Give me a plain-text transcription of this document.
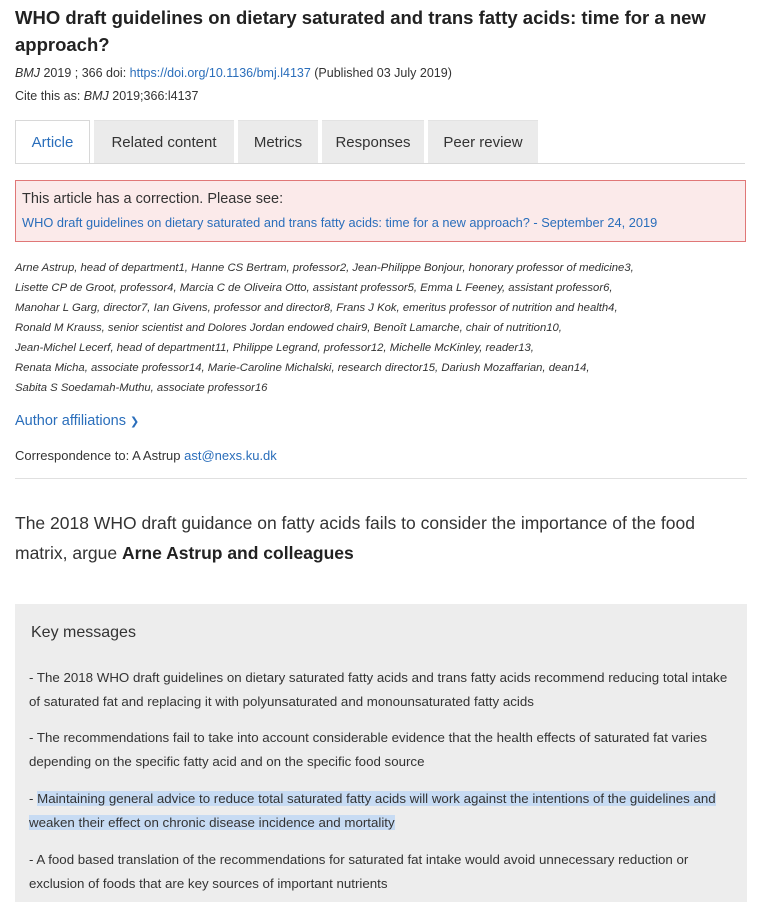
WHO draft guidelines on dietary saturated and trans fatty acids: time for a new approach?
BMJ 2019 ; 366 doi: https://doi.org/10.1136/bmj.l4137 (Published 03 July 2019)
Cite this as: BMJ 2019;366:l4137
Article	Related content	Metrics	Responses	Peer review
This article has a correction. Please see:
WHO draft guidelines on dietary saturated and trans fatty acids: time for a new approach? - September 24, 2019
Arne Astrup, head of department1, Hanne CS Bertram, professor2, Jean-Philippe Bonjour, honorary professor of medicine3,
Lisette CP de Groot, professor4, Marcia C de Oliveira Otto, assistant professor5, Emma L Feeney, assistant professor6,
Manohar L Garg, director7, Ian Givens, professor and director8, Frans J Kok, emeritus professor of nutrition and health4,
Ronald M Krauss, senior scientist and Dolores Jordan endowed chair9, Benoît Lamarche, chair of nutrition10,
Jean-Michel Lecerf, head of department11, Philippe Legrand, professor12, Michelle McKinley, reader13,
Renata Micha, associate professor14, Marie-Caroline Michalski, research director15, Dariush Mozaffarian, dean14,
Sabita S Soedamah-Muthu, associate professor16
Author affiliations ❯
Correspondence to: A Astrup ast@nexs.ku.dk
The 2018 WHO draft guidance on fatty acids fails to consider the importance of the food matrix, argue Arne Astrup and colleagues
Key messages
- The 2018 WHO draft guidelines on dietary saturated fatty acids and trans fatty acids recommend reducing total intake of saturated fat and replacing it with polyunsaturated and monounsaturated fatty acids
- The recommendations fail to take into account considerable evidence that the health effects of saturated fat varies depending on the specific fatty acid and on the specific food source
- Maintaining general advice to reduce total saturated fatty acids will work against the intentions of the guidelines and weaken their effect on chronic disease incidence and mortality
- A food based translation of the recommendations for saturated fat intake would avoid unnecessary reduction or exclusion of foods that are key sources of important nutrients
